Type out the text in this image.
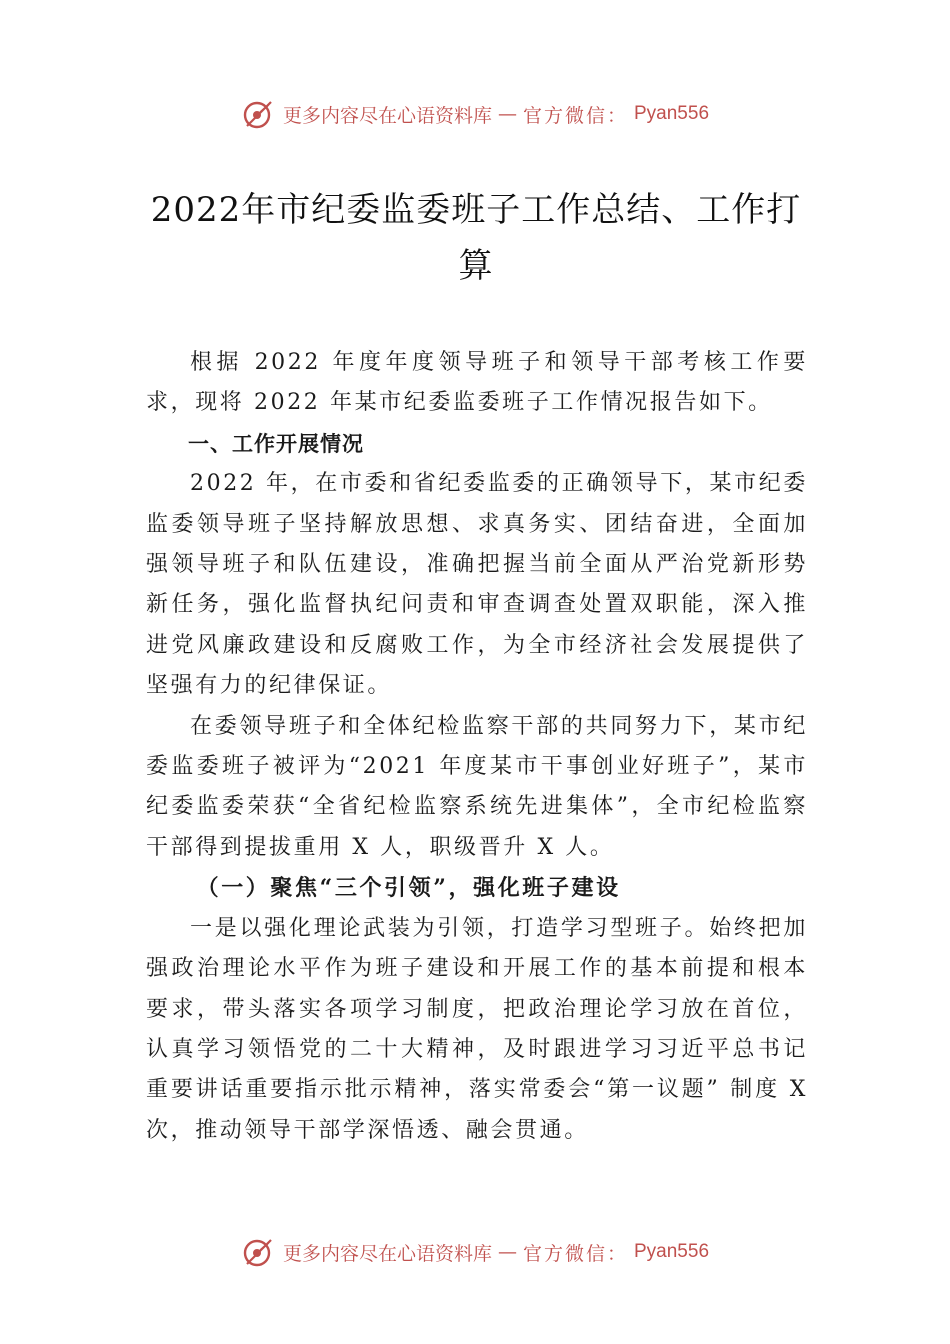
更多内容尽在心语资料库 — 官方微信： Pyan556
2022年市纪委监委班子工作总结、工作打算

根据 2022 年度年度领导班子和领导干部考核工作要求，现将 2022 年某市纪委监委班子工作情况报告如下。

一、工作开展情况

2022 年，在市委和省纪委监委的正确领导下，某市纪委监委领导班子坚持解放思想、求真务实、团结奋进，全面加强领导班子和队伍建设，准确把握当前全面从严治党新形势新任务，强化监督执纪问责和审查调查处置双职能，深入推进党风廉政建设和反腐败工作，为全市经济社会发展提供了坚强有力的纪律保证。

在委领导班子和全体纪检监察干部的共同努力下，某市纪委监委班子被评为“2021 年度某市干事创业好班子”，某市纪委监委荣获“全省纪检监察系统先进集体”，全市纪检监察干部得到提拔重用 X 人，职级晋升 X 人。

（一）聚焦“三个引领”，强化班子建设

一是以强化理论武装为引领，打造学习型班子。始终把加强政治理论水平作为班子建设和开展工作的基本前提和根本要求，带头落实各项学习制度，把政治理论学习放在首位，认真学习领悟党的二十大精神，及时跟进学习习近平总书记重要讲话重要指示批示精神，落实常委会“第一议题” 制度 X 次，推动领导干部学深悟透、融会贯通。

更多内容尽在心语资料库 — 官方微信： Pyan556
